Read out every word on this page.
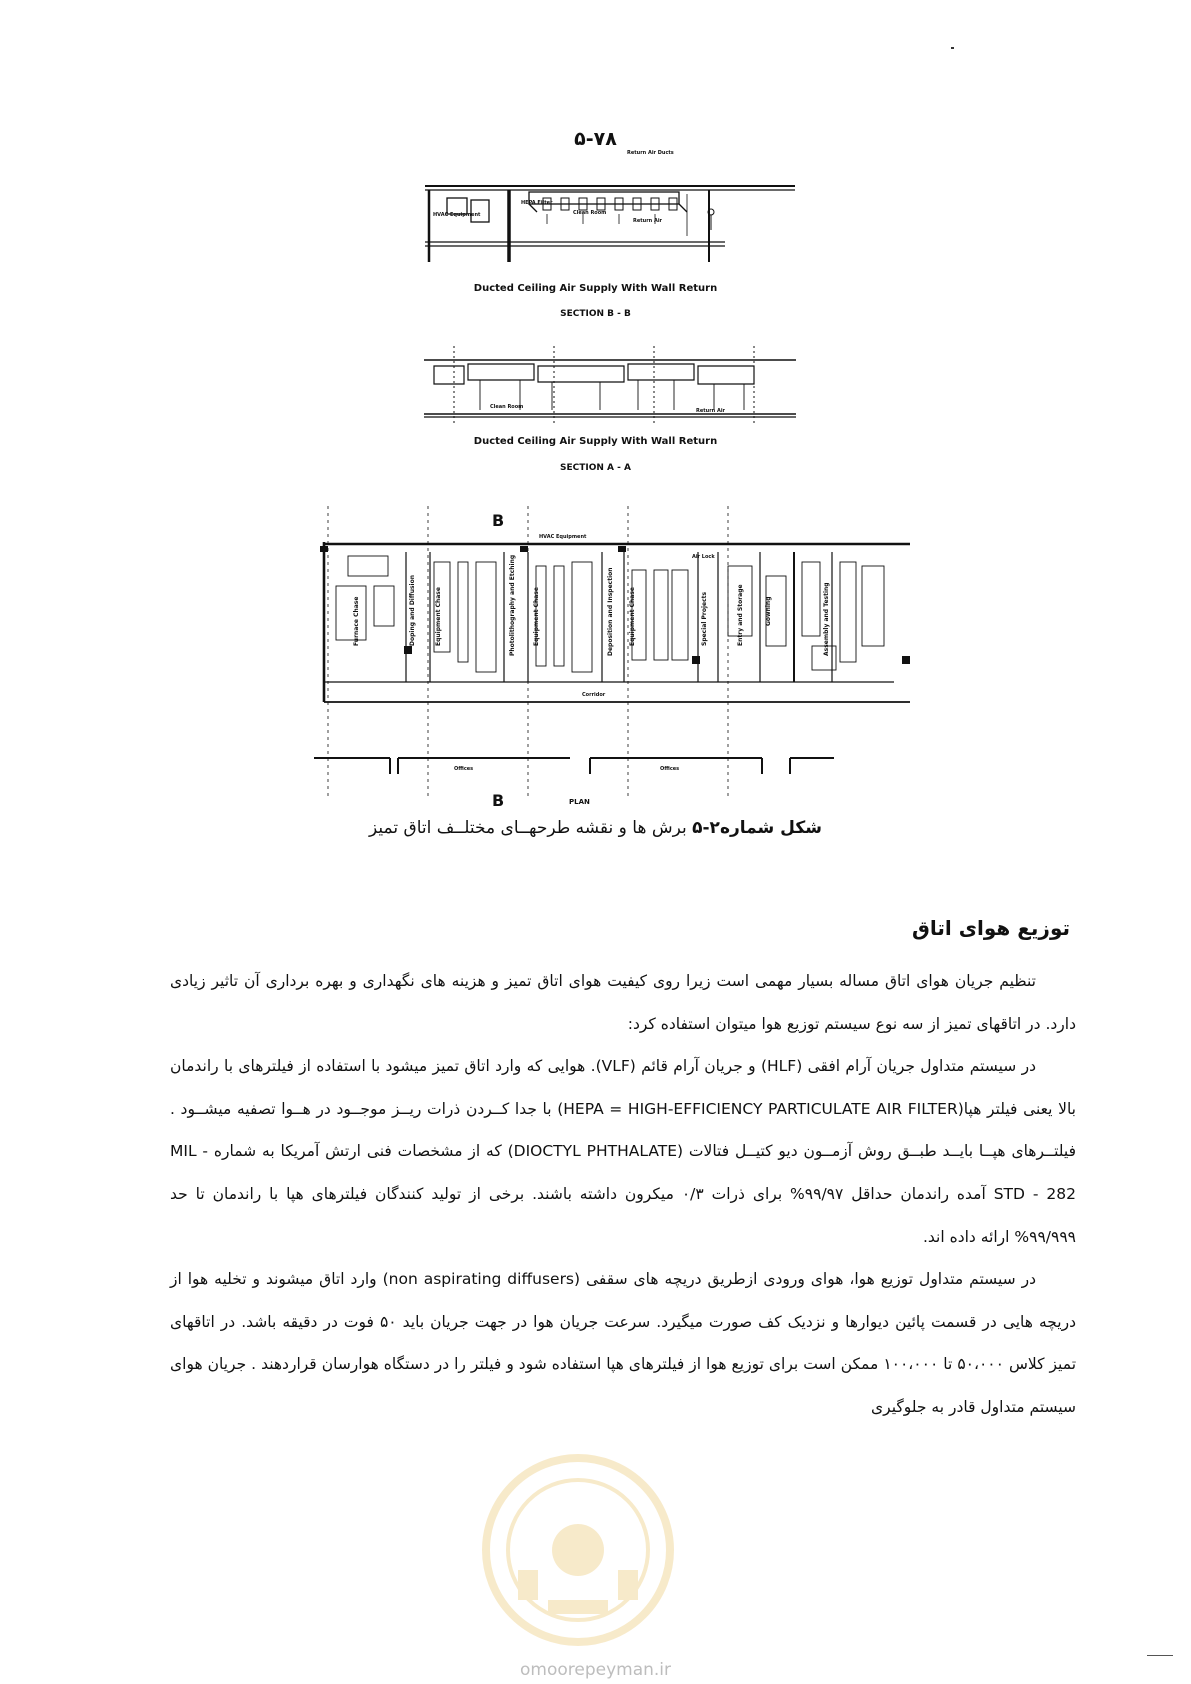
۵-۷۸
Return Air Ducts
HEPA Filter
Clean Room
Return Air
HVAC Equipment
Ducted Ceiling Air Supply With Wall Return
SECTION B - B
Clean Room
Return Air
Ducted Ceiling Air Supply With Wall Return
SECTION A - A
HVAC Equipment
Air Lock
Corridor
Offices	Offices
PLAN
B
B
Furnace Chase	Doping and Diffusion	Equipment Chase	Photolithography and Etching	Equipment Chase	Deposition and Inspection	Equipment Chase	Special Projects	Entry and Storage	Gowning	Assembly and Testing
شکل شماره۲-۵ برش ها و نقشه طرحهــای مختلــف اتاق تمیز
توزیع هوای اتاق

تنظیم جریان هوای اتاق مساله بسیار مهمی است زیرا روی کیفیت هوای اتاق تمیز و هزینه های نگهداری و بهره برداری آن تاثیر زیادی دارد. در اتاقهای تمیز از سه نوع سیستم توزیع هوا میتوان استفاده کرد:

در سیستم متداول جریان آرام افقی (HLF) و جریان آرام قائم (VLF). هوایی که وارد اتاق تمیز میشود با استفاده از فیلترهای با راندمان بالا یعنی فیلتر هپا(HEPA = HIGH-EFFICIENCY PARTICULATE AIR FILTER) با جدا کــردن ذرات ریــز موجــود در هــوا تصفیه میشــود . فیلتــرهای هپــا بایــد طبــق روش آزمــون دیو کتیــل فتالات (DIOCTYL PHTHALATE) که از مشخصات فنی ارتش آمریکا به شماره MIL - STD - 282 آمده راندمان حداقل ۹۹/۹۷% برای ذرات ۰/۳ میکرون داشته باشند. برخی از تولید کنندگان فیلترهای هپا با راندمان تا حد ۹۹/۹۹۹% ارائه داده اند.

در سیستم متداول توزیع هوا، هوای ورودی ازطریق دریچه های سقفی (non aspirating diffusers) وارد اتاق میشوند و تخلیه هوا از دریچه هایی در قسمت پائین دیوارها و نزدیک کف صورت میگیرد. سرعت جریان هوا در جهت جریان باید ۵۰ فوت در دقیقه باشد. در اتاقهای تمیز کلاس ۵۰،۰۰۰ تا ۱۰۰،۰۰۰ ممکن است برای توزیع هوا از فیلترهای هپا استفاده شود و فیلتر را در دستگاه هوارسان قراردهند . جریان هوای سیستم متداول قادر به جلوگیری

omoorepeyman.ir
